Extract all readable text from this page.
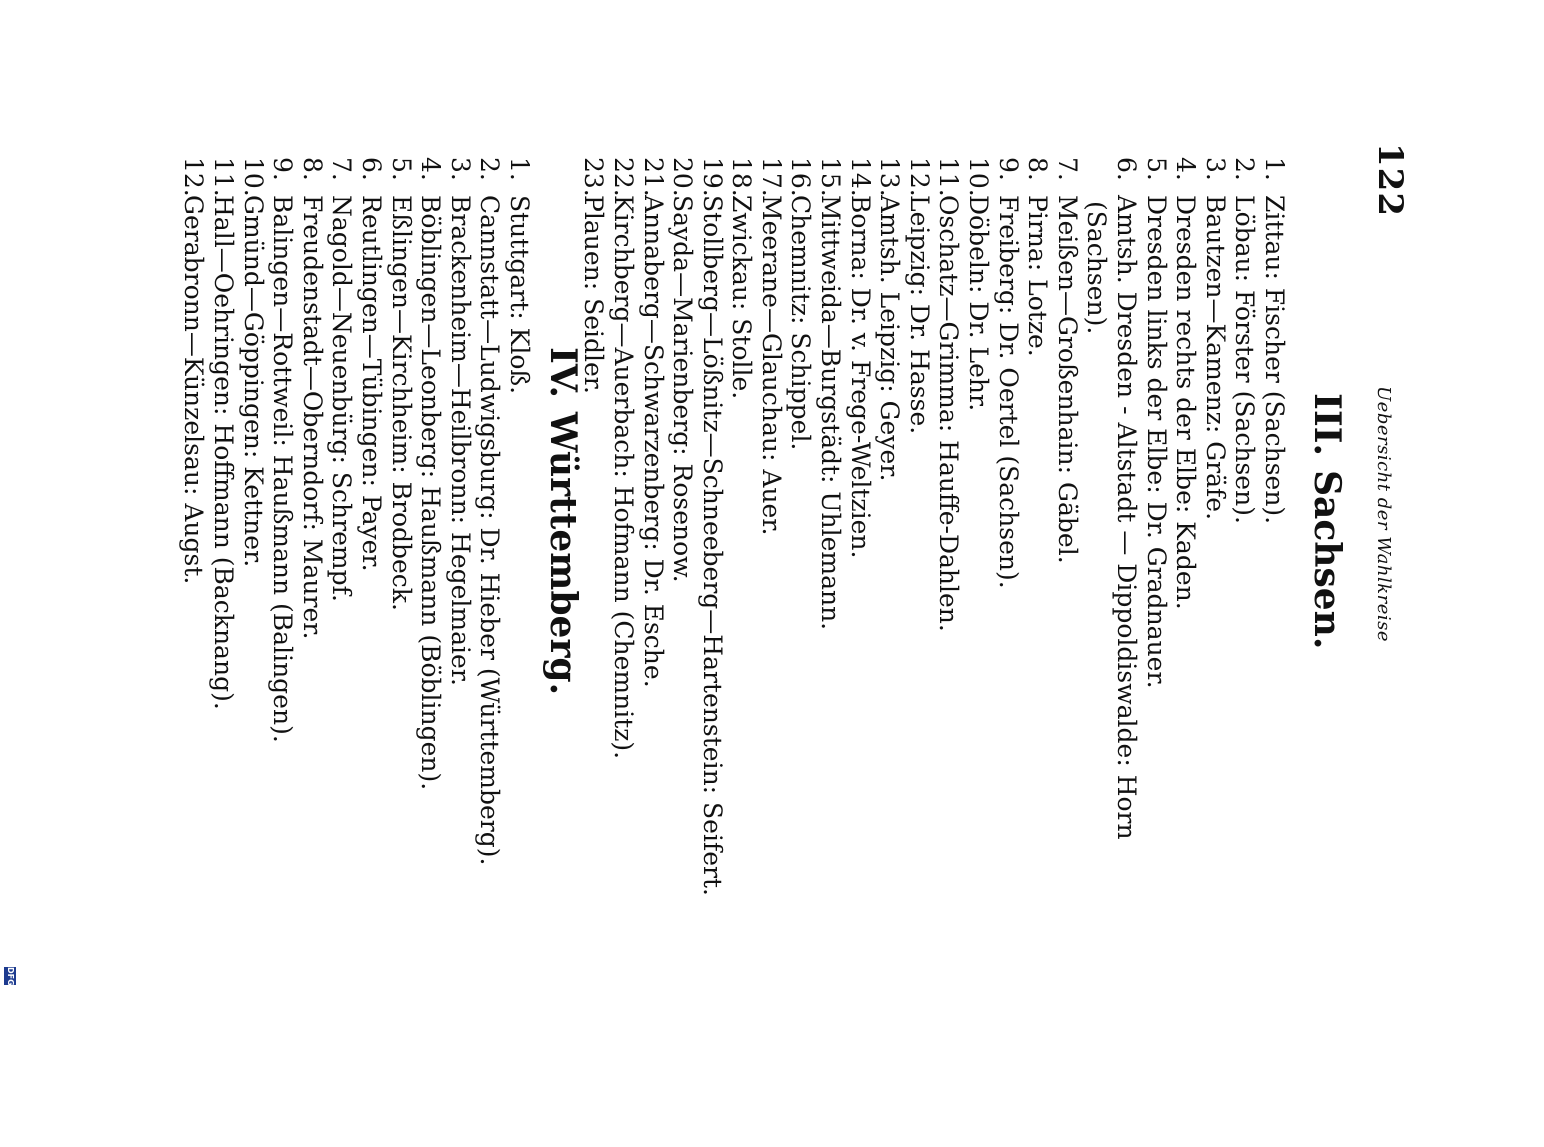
122
Uebersicht der Wahlkreise
III.Sachsen.
1.
Zittau: Fischer (Sachsen).
2.
Löbau: Förster (Sachsen).
3.
Bautzen—Kamenz: Gräfe.
4.
Dresden rechts der Elbe: Kaden.
5.
Dresden links der Elbe: Dr. Gradnauer.
6.
Amtsh. Dresden - Altstadt — Dippoldiswalde: Horn
(Sachsen).
7.
Meißen—Großenhain: Gäbel.
8.
Pirna: Lotze.
9.
Freiberg: Dr. Oertel (Sachsen).
10.
Döbeln: Dr. Lehr.
11.
Oschatz—Grimma: Hauffe-Dahlen.
12.
Leipzig: Dr. Hasse.
13.
Amtsh. Leipzig: Geyer.
14.
Borna: Dr. v. Frege-Weltzien.
15.
Mittweida—Burgstädt: Uhlemann.
16.
Chemnitz: Schippel.
17.
Meerane—Glauchau: Auer.
18.
Zwickau: Stolle.
19.
Stollberg—Lößnitz—Schneeberg—Hartenstein: Seifert.
20.
Sayda—Marienberg: Rosenow.
21.
Annaberg—Schwarzenberg: Dr. Esche.
22.
Kirchberg—Auerbach: Hofmann (Chemnitz).
23.
Plauen: Seidler.
IV.Württemberg.
1.
Stuttgart: Kloß.
2.
Cannstatt—Ludwigsburg: Dr. Hieber (Württemberg).
3.
Brackenheim—Heilbronn: Hegelmaier.
4.
Böblingen—Leonberg: Haußmann (Böblingen).
5.
Eßlingen—Kirchheim: Brodbeck.
6.
Reutlingen—Tübingen: Payer.
7.
Nagold—Neuenbürg: Schrempf.
8.
Freudenstadt—Oberndorf: Maurer.
9.
Balingen—Rottweil: Haußmann (Balingen).
10.
Gmünd—Göppingen: Kettner.
11.
Hall—Oehringen: Hoffmann (Backnang).
12.
Gerabronn—Künzelsau: Augst.
DFG
